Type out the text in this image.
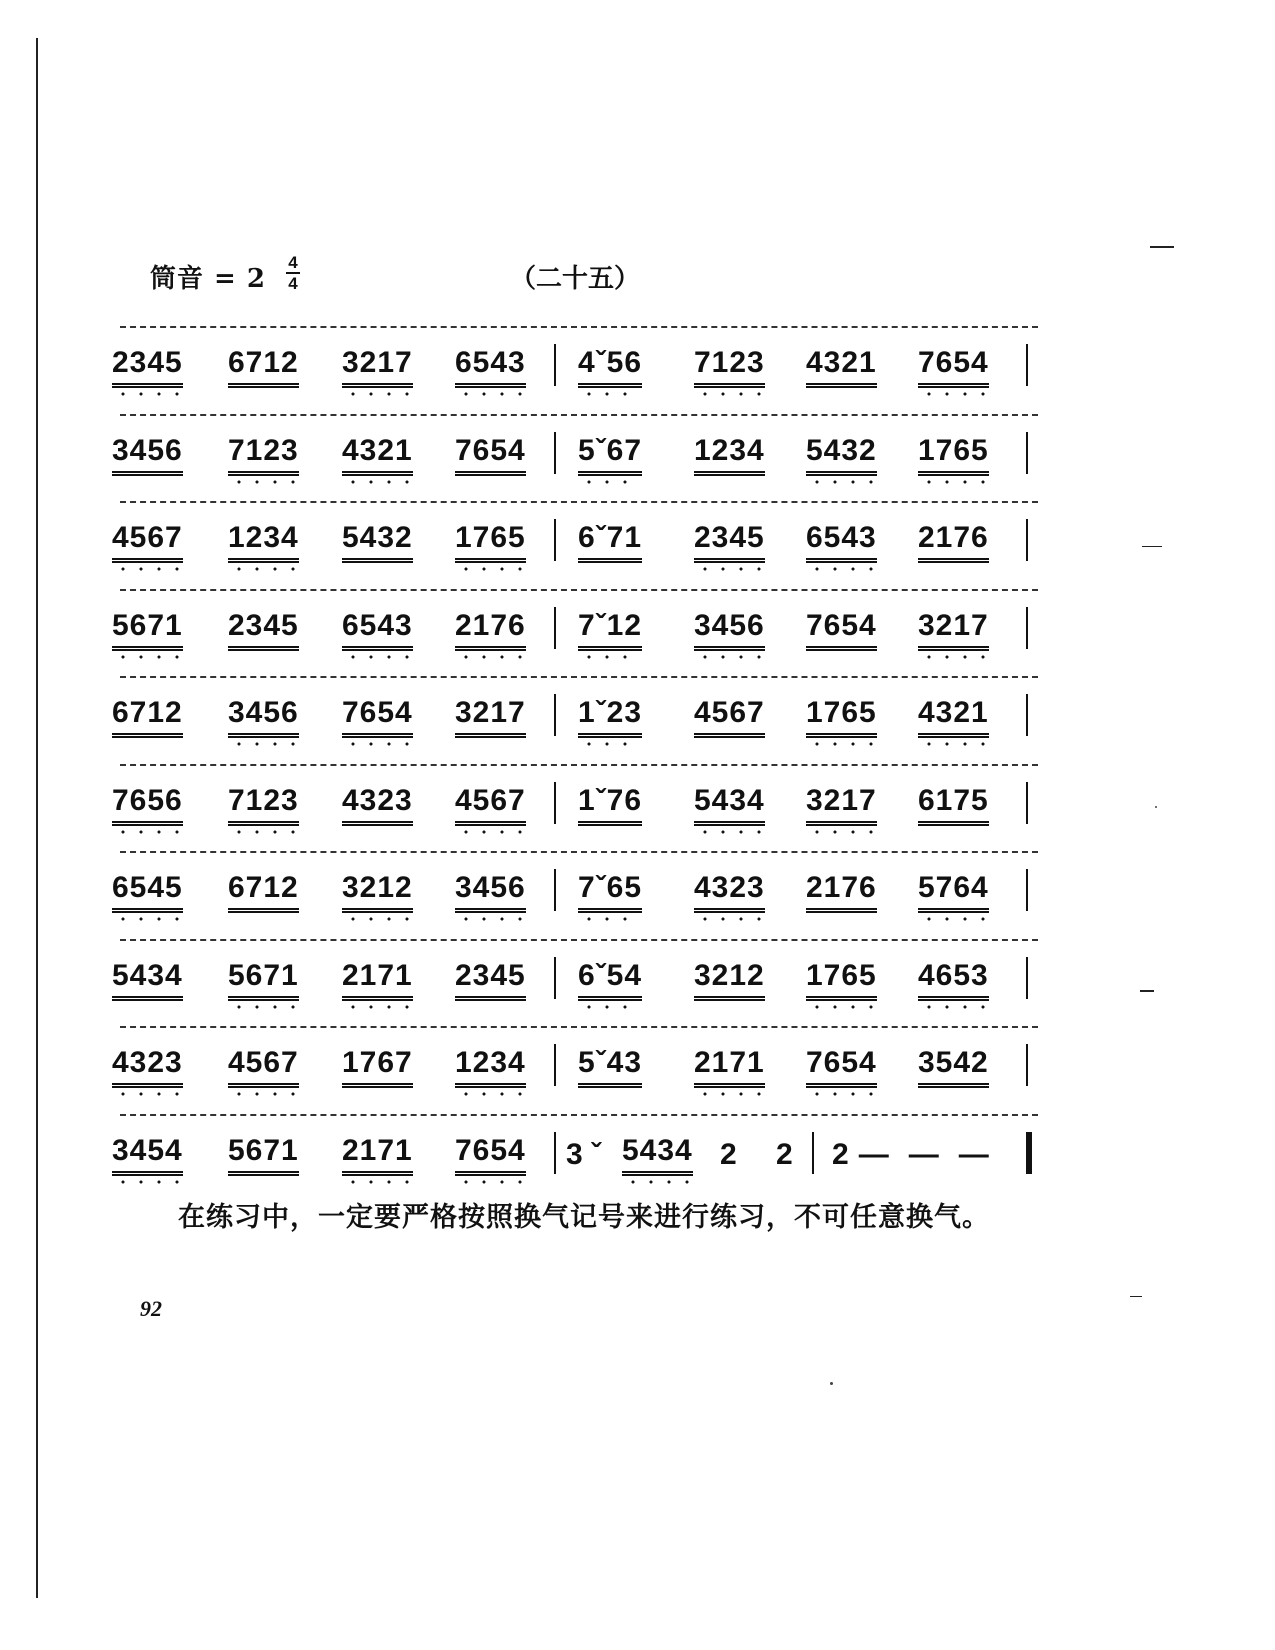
筒音 = 2
4
4	（二十五）
2345 6712 3217 6543 4ˇ56 7123 4321 7654
3456 7123 4321 7654 5ˇ67 1234 5432 1765
4567 1234 5432 1765 6ˇ71 2345 6543 2176
5671 2345 6543 2176 7ˇ12 3456 7654 3217
6712 3456 7654 3217 1ˇ23 4567 1765 4321
7656 7123 4323 4567 1ˇ76 5434 3217 6175
6545 6712 3212 3456 7ˇ65 4323 2176 5764
5434 5671 2171 2345 6ˇ54 3212 1765 4653
4323 4567 1767 1234 5ˇ43 2171 7654 3542
3454 5671 2171 7654 3 ˇ 5434 2 2 2 — — —
在练习中，一定要严格按照换气记号来进行练习，不可任意换气。
92
